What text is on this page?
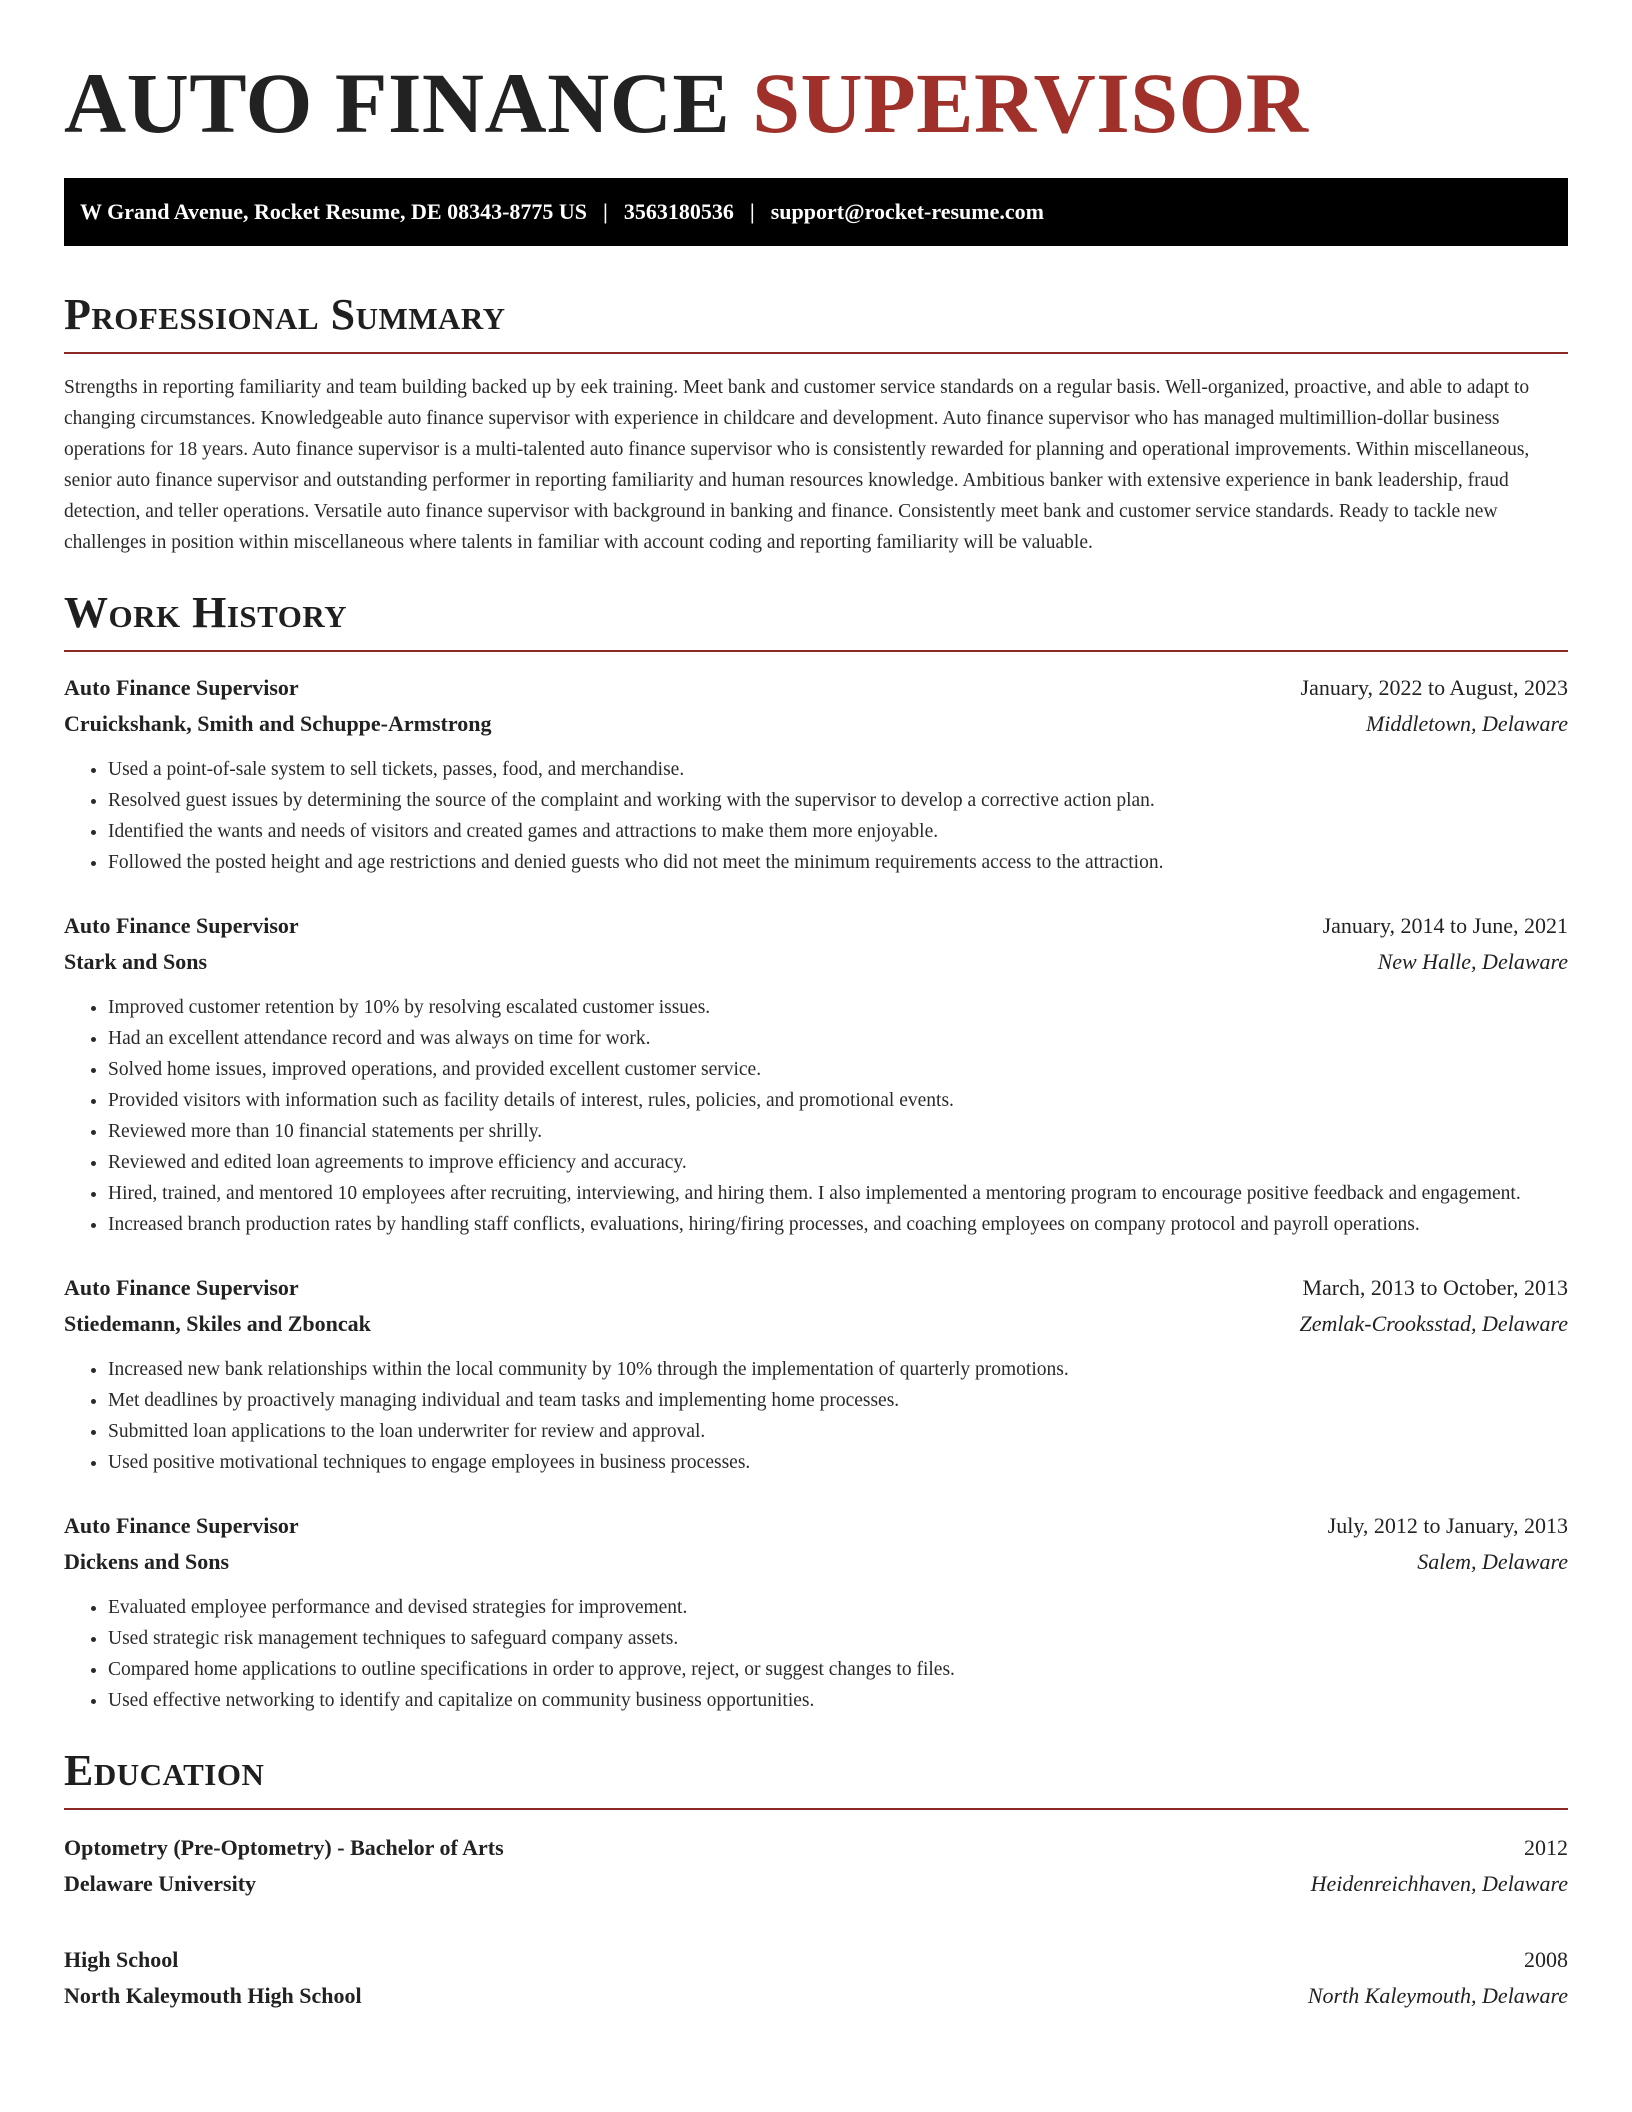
AUTO FINANCE SUPERVISOR
W Grand Avenue, Rocket Resume, DE 08343-8775 US | 3563180536 | support@rocket-resume.com
Professional Summary

Strengths in reporting familiarity and team building backed up by eek training. Meet bank and customer service standards on a regular basis. Well-organized, proactive, and able to adapt to changing circumstances. Knowledgeable auto finance supervisor with experience in childcare and development. Auto finance supervisor who has managed multimillion-dollar business operations for 18 years. Auto finance supervisor is a multi-talented auto finance supervisor who is consistently rewarded for planning and operational improvements. Within miscellaneous, senior auto finance supervisor and outstanding performer in reporting familiarity and human resources knowledge. Ambitious banker with extensive experience in bank leadership, fraud detection, and teller operations. Versatile auto finance supervisor with background in banking and finance. Consistently meet bank and customer service standards. Ready to tackle new challenges in position within miscellaneous where talents in familiar with account coding and reporting familiarity will be valuable.

Work History
Auto Finance Supervisor	January, 2022 to August, 2023
Cruickshank, Smith and Schuppe-Armstrong	Middletown, Delaware
• Used a point-of-sale system to sell tickets, passes, food, and merchandise.
• Resolved guest issues by determining the source of the complaint and working with the supervisor to develop a corrective action plan.
• Identified the wants and needs of visitors and created games and attractions to make them more enjoyable.
• Followed the posted height and age restrictions and denied guests who did not meet the minimum requirements access to the attraction.
Auto Finance Supervisor	January, 2014 to June, 2021
Stark and Sons	New Halle, Delaware
• Improved customer retention by 10% by resolving escalated customer issues.
• Had an excellent attendance record and was always on time for work.
• Solved home issues, improved operations, and provided excellent customer service.
• Provided visitors with information such as facility details of interest, rules, policies, and promotional events.
• Reviewed more than 10 financial statements per shrilly.
• Reviewed and edited loan agreements to improve efficiency and accuracy.
• Hired, trained, and mentored 10 employees after recruiting, interviewing, and hiring them. I also implemented a mentoring program to encourage positive feedback and engagement.
• Increased branch production rates by handling staff conflicts, evaluations, hiring/firing processes, and coaching employees on company protocol and payroll operations.
Auto Finance Supervisor	March, 2013 to October, 2013
Stiedemann, Skiles and Zboncak	Zemlak-Crooksstad, Delaware
• Increased new bank relationships within the local community by 10% through the implementation of quarterly promotions.
• Met deadlines by proactively managing individual and team tasks and implementing home processes.
• Submitted loan applications to the loan underwriter for review and approval.
• Used positive motivational techniques to engage employees in business processes.
Auto Finance Supervisor	July, 2012 to January, 2013
Dickens and Sons	Salem, Delaware
• Evaluated employee performance and devised strategies for improvement.
• Used strategic risk management techniques to safeguard company assets.
• Compared home applications to outline specifications in order to approve, reject, or suggest changes to files.
• Used effective networking to identify and capitalize on community business opportunities.
Education
Optometry (Pre-Optometry) - Bachelor of Arts	2012
Delaware University	Heidenreichhaven, Delaware
High School	2008
North Kaleymouth High School	North Kaleymouth, Delaware
